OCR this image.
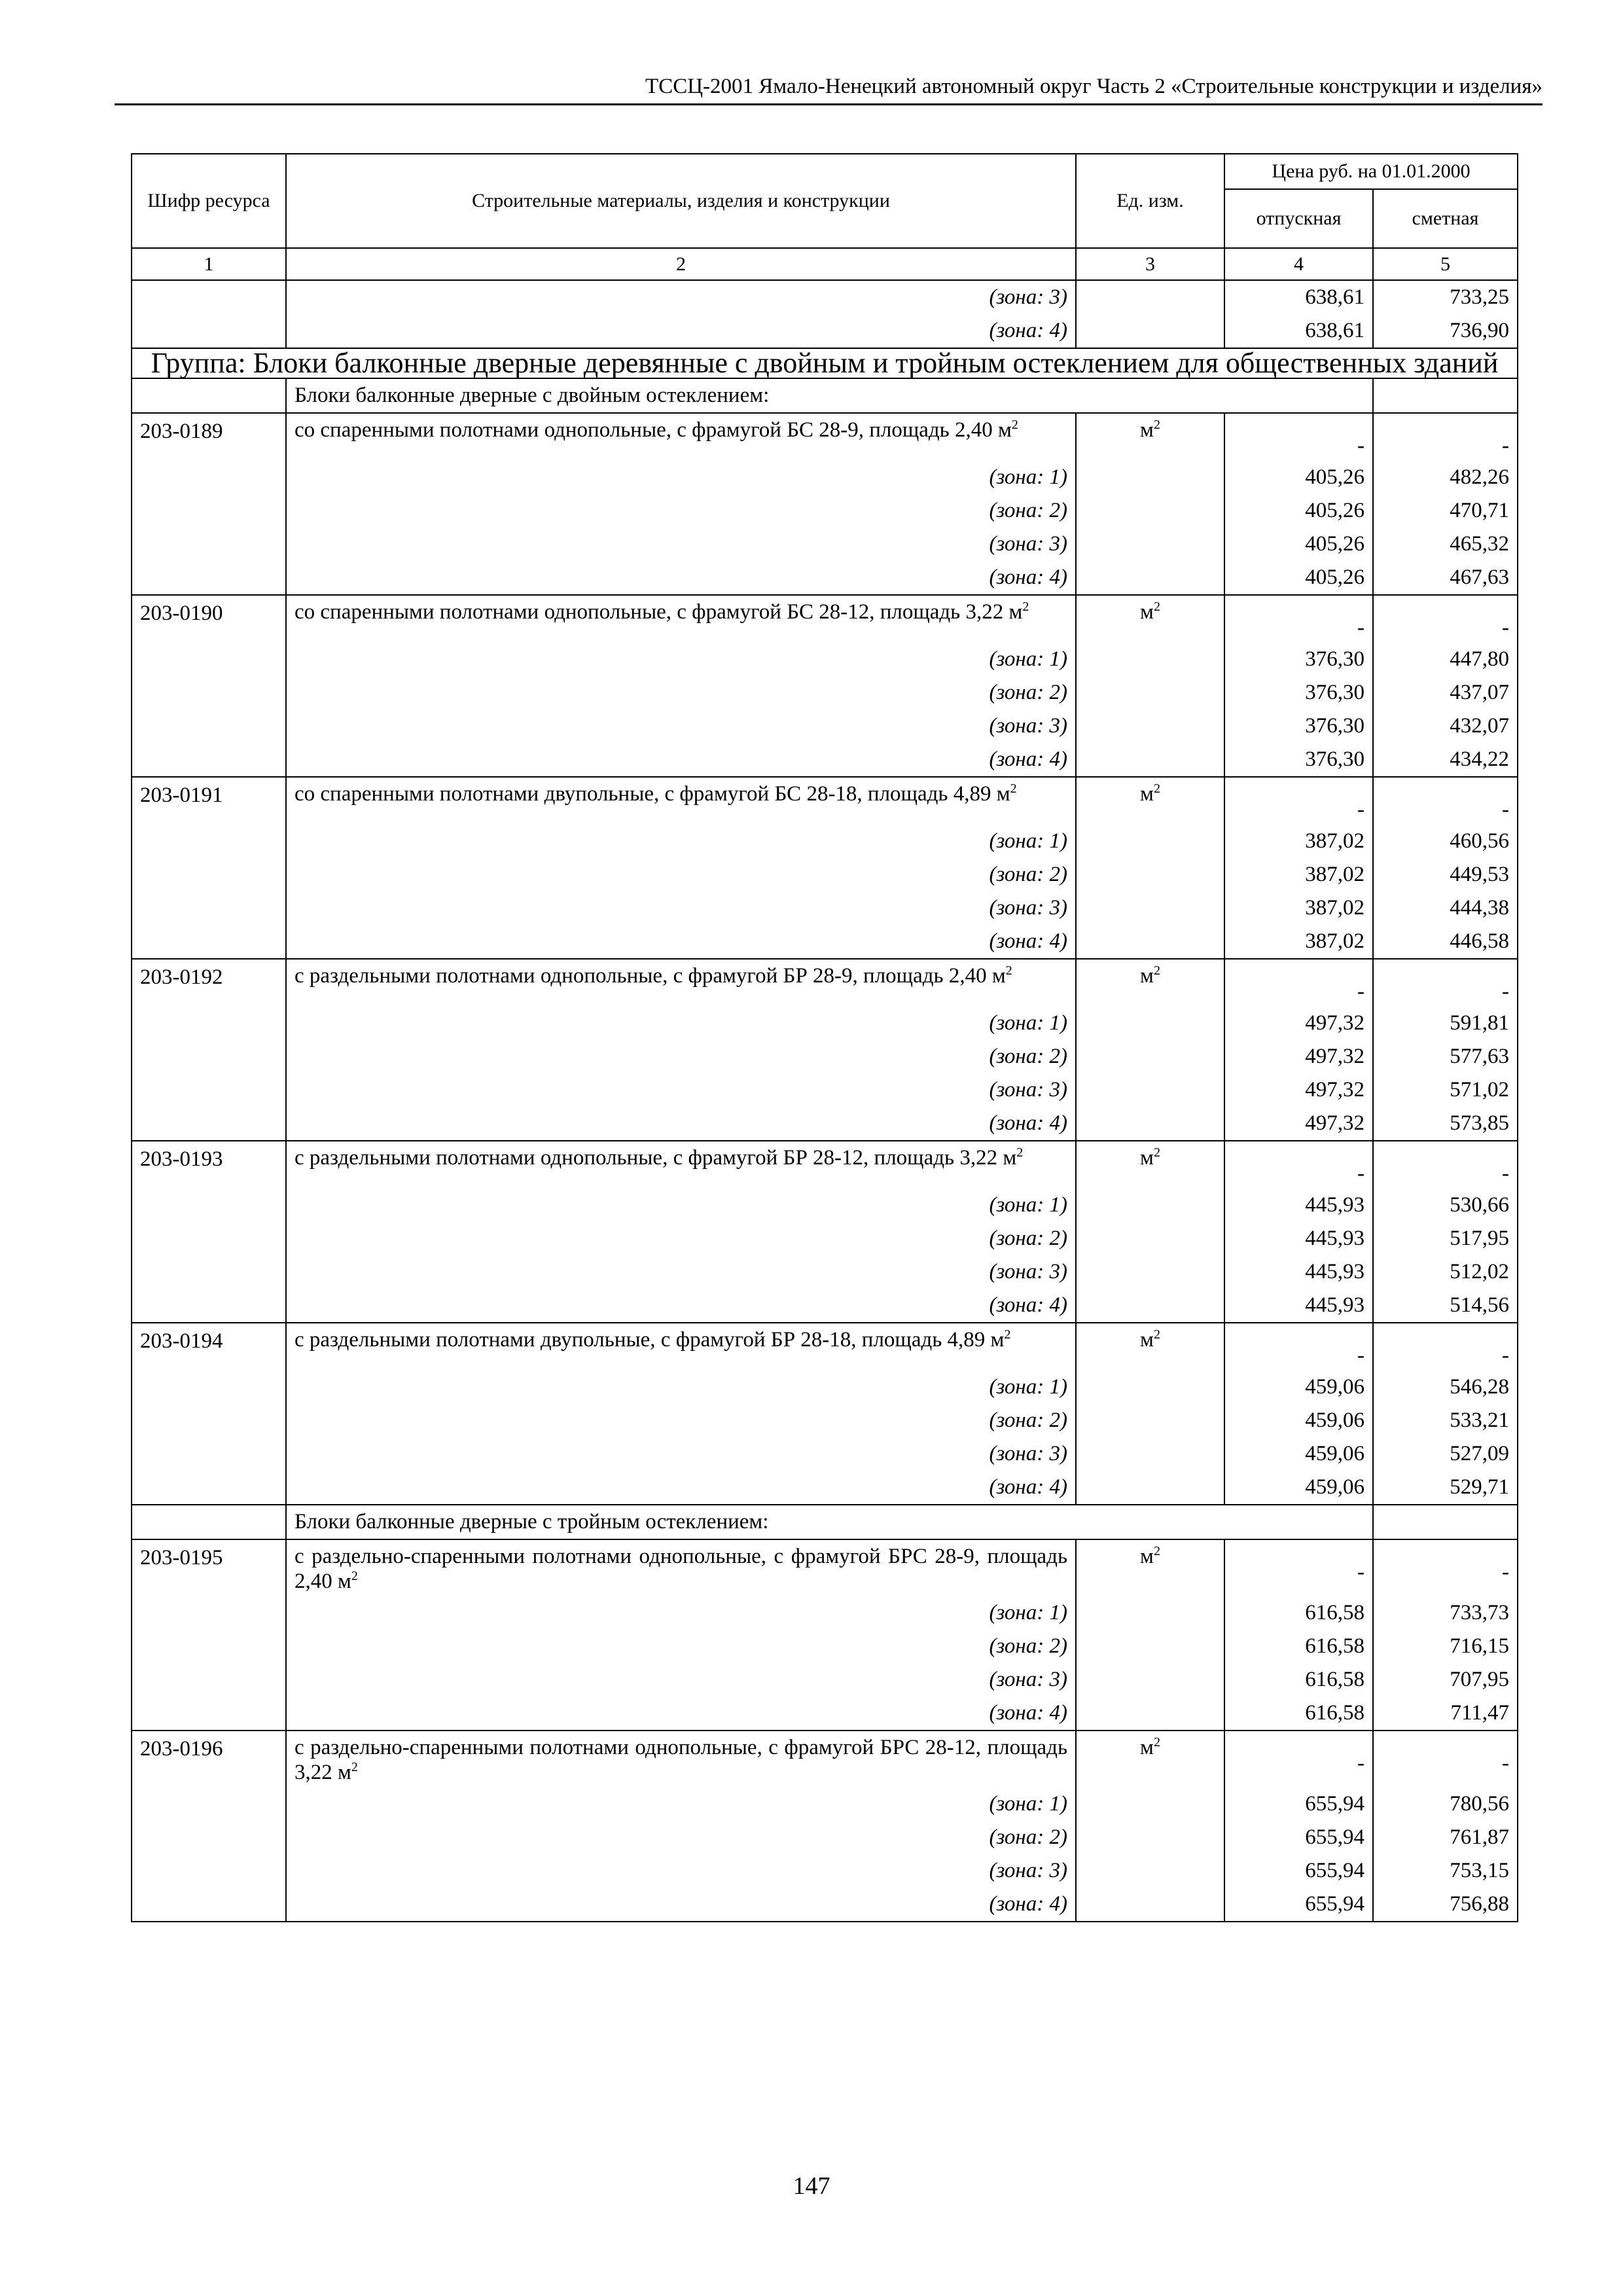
ТССЦ-2001 Ямало-Ненецкий автономный округ Часть 2 «Строительные конструкции и изделия»
Шифр ресурса	Строительные материалы, изделия и конструкции	Ед. изм.	Цена руб. на 01.01.2000	
			отпускная	сметная
1	2	3	4	5
	(зона: 3)		638,61	733,25
	(зона: 4)		638,61	736,90
Группа: Блоки балконные дверные деревянные с двойным и тройным остеклением для общественных зданий				
	Блоки балконные дверные с двойным остеклением:			
203-0189	со спаренными полотнами однопольные, с фрамугой БС 28-9, площадь 2,40 $м^2$	$м^2$	-	-
	(зона: 1)		405,26	482,26
	(зона: 2)		405,26	470,71
	(зона: 3)		405,26	465,32
	(зона: 4)		405,26	467,63
203-0190	со спаренными полотнами однопольные, с фрамугой БС 28-12, площадь 3,22 $м^2$	$м^2$	-	-
	(зона: 1)		376,30	447,80
	(зона: 2)		376,30	437,07
	(зона: 3)		376,30	432,07
	(зона: 4)		376,30	434,22
203-0191	со спаренными полотнами двупольные, с фрамугой БС 28-18, площадь 4,89 $м^2$	$м^2$	-	-
	(зона: 1)		387,02	460,56
	(зона: 2)		387,02	449,53
	(зона: 3)		387,02	444,38
	(зона: 4)		387,02	446,58
203-0192	с раздельными полотнами однопольные, с фрамугой БР 28-9, площадь 2,40 $м^2$	$м^2$	-	-
	(зона: 1)		497,32	591,81
	(зона: 2)		497,32	577,63
	(зона: 3)		497,32	571,02
	(зона: 4)		497,32	573,85
203-0193	с раздельными полотнами однопольные, с фрамугой БР 28-12, площадь 3,22 $м^2$	$м^2$	-	-
	(зона: 1)		445,93	530,66
	(зона: 2)		445,93	517,95
	(зона: 3)		445,93	512,02
	(зона: 4)		445,93	514,56
203-0194	с раздельными полотнами двупольные, с фрамугой БР 28-18, площадь 4,89 $м^2$	$м^2$	-	-
	(зона: 1)		459,06	546,28
	(зона: 2)		459,06	533,21
	(зона: 3)		459,06	527,09
	(зона: 4)		459,06	529,71
	Блоки балконные дверные с тройным остеклением:			
203-0195	с раздельно-спаренными полотнами однопольные, с фрамугой БРС 28-9, площадь 2,40 $м^2$	$м^2$	-	-
	(зона: 1)		616,58	733,73
	(зона: 2)		616,58	716,15
	(зона: 3)		616,58	707,95
	(зона: 4)		616,58	711,47
203-0196	с раздельно-спаренными полотнами однопольные, с фрамугой БРС 28-12, площадь 3,22 $м^2$	$м^2$	-	-
	(зона: 1)		655,94	780,56
	(зона: 2)		655,94	761,87
	(зона: 3)		655,94	753,15
	(зона: 4)		655,94	756,88
147
